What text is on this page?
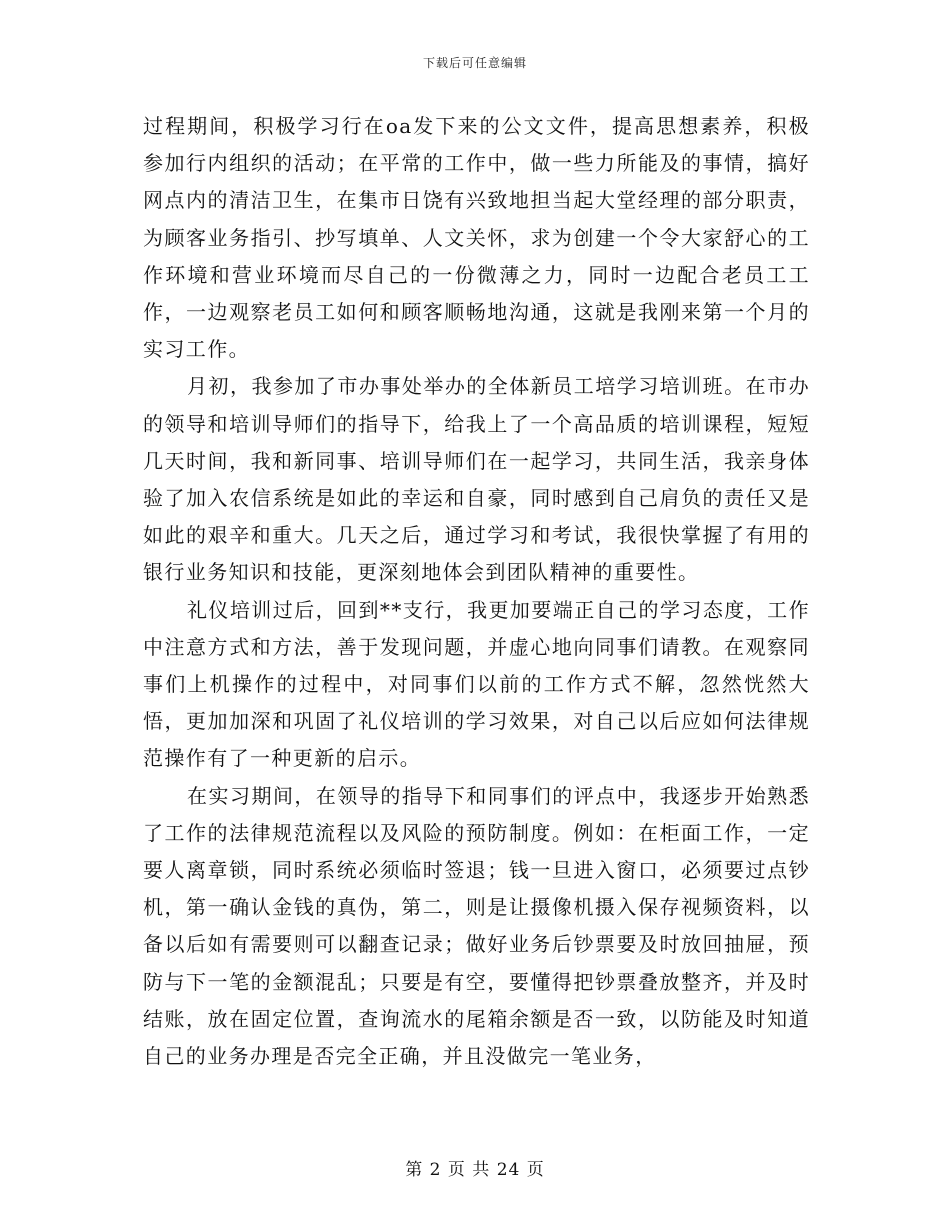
下载后可任意编辑

过程期间，积极学习行在oa发下来的公文文件，提高思想素养，积极参加行内组织的活动；在平常的工作中，做一些力所能及的事情，搞好网点内的清洁卫生，在集市日饶有兴致地担当起大堂经理的部分职责，为顾客业务指引、抄写填单、人文关怀，求为创建一个令大家舒心的工作环境和营业环境而尽自己的一份微薄之力，同时一边配合老员工工作，一边观察老员工如何和顾客顺畅地沟通，这就是我刚来第一个月的实习工作。

月初，我参加了市办事处举办的全体新员工培学习培训班。在市办的领导和培训导师们的指导下，给我上了一个高品质的培训课程，短短几天时间，我和新同事、培训导师们在一起学习，共同生活，我亲身体验了加入农信系统是如此的幸运和自豪，同时感到自己肩负的责任又是如此的艰辛和重大。几天之后，通过学习和考试，我很快掌握了有用的银行业务知识和技能，更深刻地体会到团队精神的重要性。

礼仪培训过后，回到**支行，我更加要端正自己的学习态度，工作中注意方式和方法，善于发现问题，并虚心地向同事们请教。在观察同事们上机操作的过程中，对同事们以前的工作方式不解，忽然恍然大悟，更加加深和巩固了礼仪培训的学习效果，对自己以后应如何法律规范操作有了一种更新的启示。

在实习期间，在领导的指导下和同事们的评点中，我逐步开始熟悉了工作的法律规范流程以及风险的预防制度。例如：在柜面工作，一定要人离章锁，同时系统必须临时签退；钱一旦进入窗口，必须要过点钞机，第一确认金钱的真伪，第二，则是让摄像机摄入保存视频资料，以备以后如有需要则可以翻查记录；做好业务后钞票要及时放回抽屉，预防与下一笔的金额混乱；只要是有空，要懂得把钞票叠放整齐，并及时结账，放在固定位置，查询流水的尾箱余额是否一致，以防能及时知道自己的业务办理是否完全正确，并且没做完一笔业务，

第 2 页 共 24 页
